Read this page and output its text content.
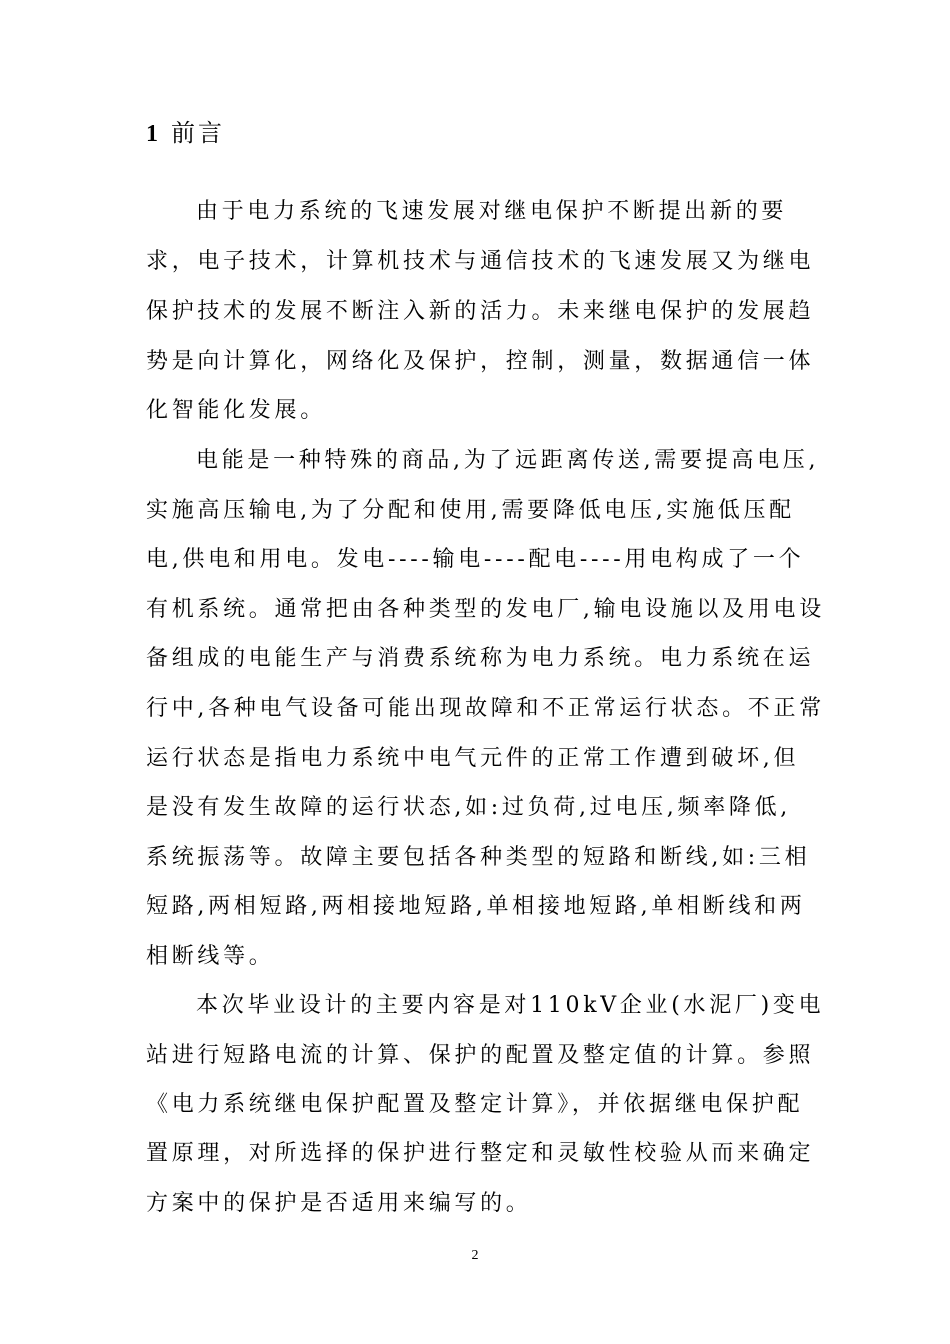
1 前言
由于电力系统的飞速发展对继电保护不断提出新的要
求，电子技术，计算机技术与通信技术的飞速发展又为继电
保护技术的发展不断注入新的活力。未来继电保护的发展趋
势是向计算化，网络化及保护，控制，测量，数据通信一体
化智能化发展。
电能是一种特殊的商品,为了远距离传送,需要提高电压,
实施高压输电,为了分配和使用,需要降低电压,实施低压配
电,供电和用电。发电----输电----配电----用电构成了一个
有机系统。通常把由各种类型的发电厂,输电设施以及用电设
备组成的电能生产与消费系统称为电力系统。电力系统在运
行中,各种电气设备可能出现故障和不正常运行状态。不正常
运行状态是指电力系统中电气元件的正常工作遭到破坏,但
是没有发生故障的运行状态,如:过负荷,过电压,频率降低,
系统振荡等。故障主要包括各种类型的短路和断线,如:三相
短路,两相短路,两相接地短路,单相接地短路,单相断线和两
相断线等。
本次毕业设计的主要内容是对110kV企业(水泥厂)变电
站进行短路电流的计算、保护的配置及整定值的计算。参照
《电力系统继电保护配置及整定计算》，并依据继电保护配
置原理，对所选择的保护进行整定和灵敏性校验从而来确定
方案中的保护是否适用来编写的。
2
